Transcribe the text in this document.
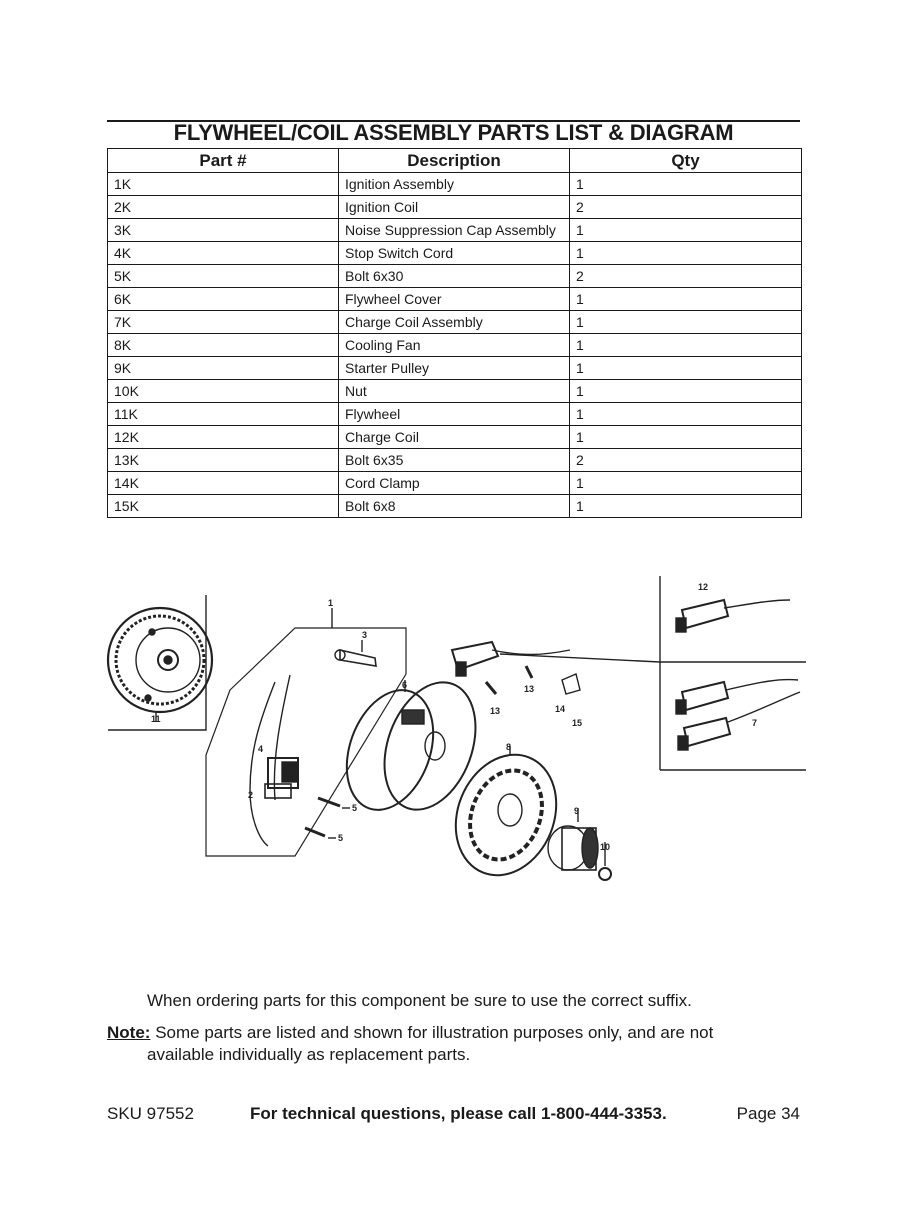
FLYWHEEL/COIL ASSEMBLY PARTS LIST & DIAGRAM
Part #	Description	Qty
1K	Ignition Assembly	1
2K	Ignition Coil	2
3K	Noise Suppression Cap Assembly	1
4K	Stop Switch Cord	1
5K	Bolt 6x30	2
6K	Flywheel Cover	1
7K	Charge Coil Assembly	1
8K	Cooling Fan	1
9K	Starter Pulley	1
10K	Nut	1
11K	Flywheel	1
12K	Charge Coil	1
13K	Bolt 6x35	2
14K	Cord Clamp	1
15K	Bolt 6x8	1
11
1
3
4
2
5
5
6
13
13
14
15
8
9
10
12
7
When ordering parts for this component be sure to use the correct suffix.
Note: Some parts are listed and shown for illustration purposes only, and are not
available individually as replacement parts.
SKU 97552	For technical questions, please call 1-800-444-3353.	Page 34
